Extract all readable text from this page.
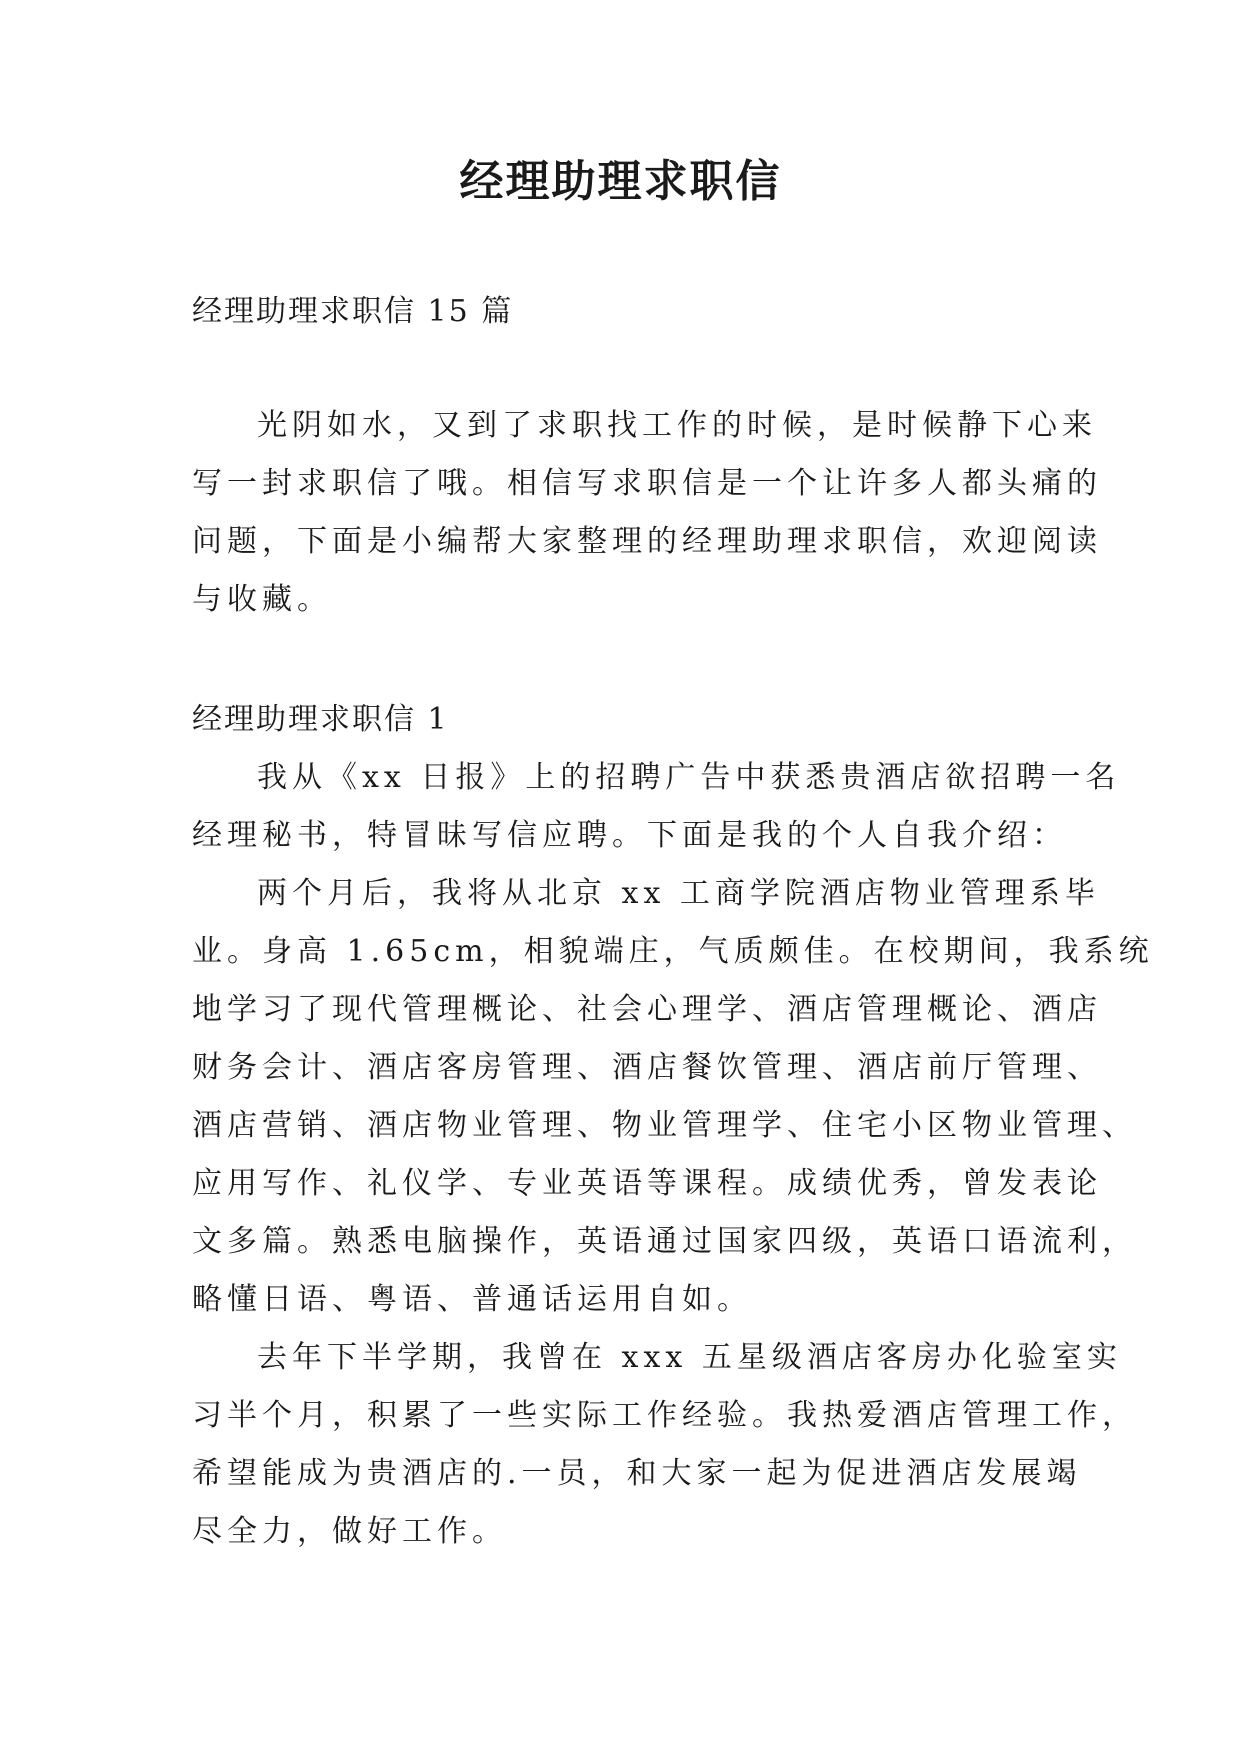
经理助理求职信
经理助理求职信 15 篇
光阴如水，又到了求职找工作的时候，是时候静下心来
写一封求职信了哦。相信写求职信是一个让许多人都头痛的
问题，下面是小编帮大家整理的经理助理求职信，欢迎阅读
与收藏。
经理助理求职信 1
我从《xx 日报》上的招聘广告中获悉贵酒店欲招聘一名
经理秘书，特冒昧写信应聘。下面是我的个人自我介绍：
两个月后，我将从北京 xx 工商学院酒店物业管理系毕
业。身高 1.65cm，相貌端庄，气质颇佳。在校期间，我系统
地学习了现代管理概论、社会心理学、酒店管理概论、酒店
财务会计、酒店客房管理、酒店餐饮管理、酒店前厅管理、
酒店营销、酒店物业管理、物业管理学、住宅小区物业管理、
应用写作、礼仪学、专业英语等课程。成绩优秀，曾发表论
文多篇。熟悉电脑操作，英语通过国家四级，英语口语流利，
略懂日语、粤语、普通话运用自如。
去年下半学期，我曾在 xxx 五星级酒店客房办化验室实
习半个月，积累了一些实际工作经验。我热爱酒店管理工作，
希望能成为贵酒店的.一员，和大家一起为促进酒店发展竭
尽全力，做好工作。
